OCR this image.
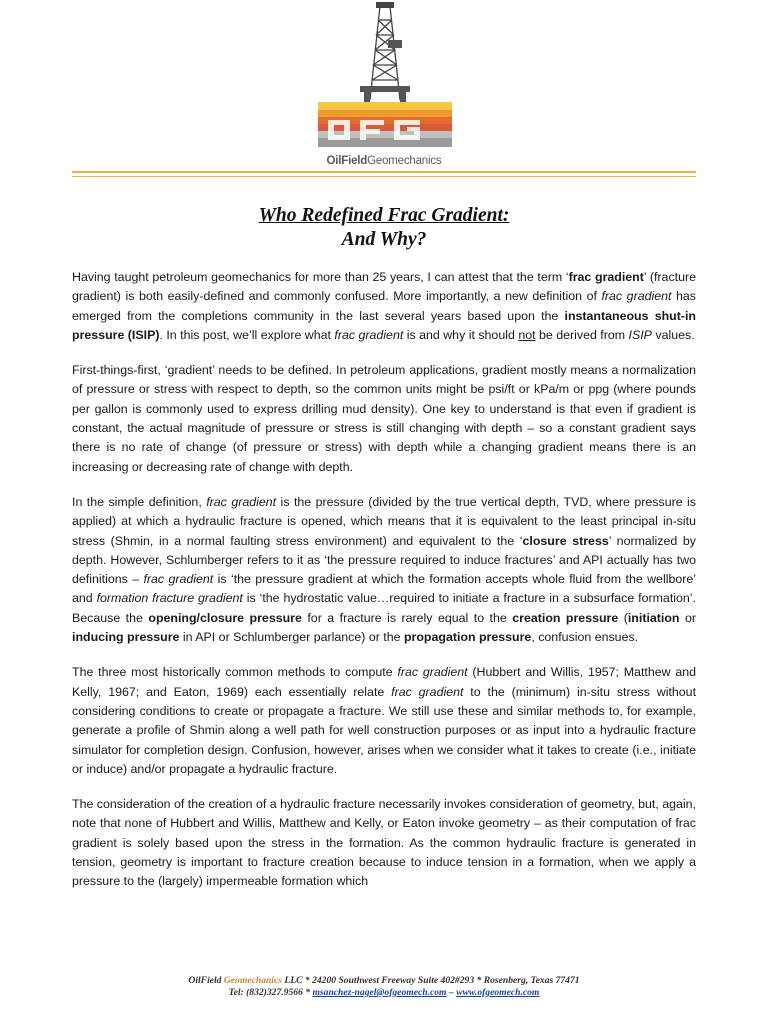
OilFieldGeomechanics
Who Redefined Frac Gradient:
And Why?

Having taught petroleum geomechanics for more than 25 years, I can attest that the term ‘frac gradient’ (fracture gradient) is both easily-defined and commonly confused. More importantly, a new definition of frac gradient has emerged from the completions community in the last several years based upon the instantaneous shut-in pressure (ISIP). In this post, we’ll explore what frac gradient is and why it should not be derived from ISIP values.

First-things-first, ‘gradient’ needs to be defined. In petroleum applications, gradient mostly means a normalization of pressure or stress with respect to depth, so the common units might be psi/ft or kPa/m or ppg (where pounds per gallon is commonly used to express drilling mud density). One key to understand is that even if gradient is constant, the actual magnitude of pressure or stress is still changing with depth – so a constant gradient says there is no rate of change (of pressure or stress) with depth while a changing gradient means there is an increasing or decreasing rate of change with depth.

In the simple definition, frac gradient is the pressure (divided by the true vertical depth, TVD, where pressure is applied) at which a hydraulic fracture is opened, which means that it is equivalent to the least principal in-situ stress (Shmin, in a normal faulting stress environment) and equivalent to the ‘closure stress’ normalized by depth. However, Schlumberger refers to it as ‘the pressure required to induce fractures’ and API actually has two definitions – frac gradient is ‘the pressure gradient at which the formation accepts whole fluid from the wellbore’ and formation fracture gradient is ‘the hydrostatic value…required to initiate a fracture in a subsurface formation’. Because the opening/closure pressure for a fracture is rarely equal to the creation pressure (initiation or inducing pressure in API or Schlumberger parlance) or the propagation pressure, confusion ensues.

The three most historically common methods to compute frac gradient (Hubbert and Willis, 1957; Matthew and Kelly, 1967; and Eaton, 1969) each essentially relate frac gradient to the (minimum) in-situ stress without considering conditions to create or propagate a fracture. We still use these and similar methods to, for example, generate a profile of Shmin along a well path for well construction purposes or as input into a hydraulic fracture simulator for completion design. Confusion, however, arises when we consider what it takes to create (i.e., initiate or induce) and/or propagate a hydraulic fracture.

The consideration of the creation of a hydraulic fracture necessarily invokes consideration of geometry, but, again, note that none of Hubbert and Willis, Matthew and Kelly, or Eaton invoke geometry – as their computation of frac gradient is solely based upon the stress in the formation. As the common hydraulic fracture is generated in tension, geometry is important to fracture creation because to induce tension in a formation, when we apply a pressure to the (largely) impermeable formation which

OilField Geomechanics LLC * 24200 Southwest Freeway Suite 402#293 * Rosenberg, Texas 77471
Tel: (832)327.9566 * msanchez-nagel@ofgeomech.com – www.ofgeomech.com
